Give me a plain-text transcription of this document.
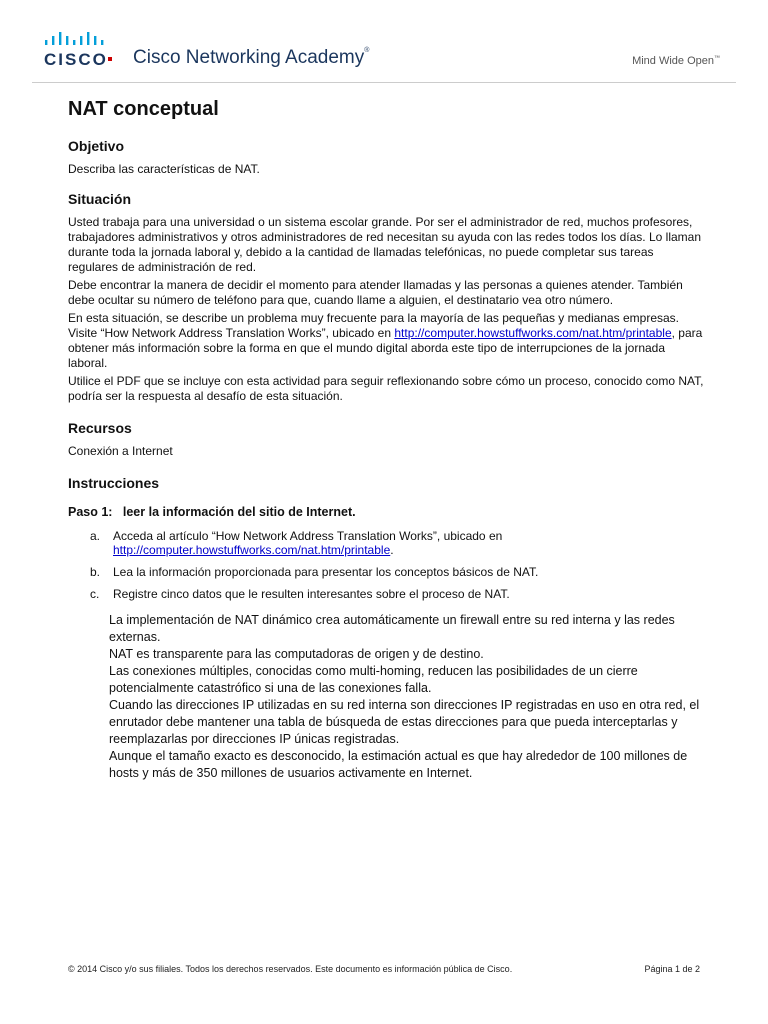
CISCO Cisco Networking Academy®
Mind Wide Open™
NAT conceptual
Objetivo

Describa las características de NAT.

Situación

Usted trabaja para una universidad o un sistema escolar grande. Por ser el administrador de red, muchos profesores, trabajadores administrativos y otros administradores de red necesitan su ayuda con las redes todos los días. Lo llaman durante toda la jornada laboral y, debido a la cantidad de llamadas telefónicas, no puede completar sus tareas regulares de administración de red.

Debe encontrar la manera de decidir el momento para atender llamadas y las personas a quienes atender. También debe ocultar su número de teléfono para que, cuando llame a alguien, el destinatario vea otro número.

En esta situación, se describe un problema muy frecuente para la mayoría de las pequeñas y medianas empresas. Visite “How Network Address Translation Works”, ubicado en http://computer.howstuffworks.com/nat.htm/printable, para obtener más información sobre la forma en que el mundo digital aborda este tipo de interrupciones de la jornada laboral.

Utilice el PDF que se incluye con esta actividad para seguir reflexionando sobre cómo un proceso, conocido como NAT, podría ser la respuesta al desafío de esta situación.

Recursos

Conexión a Internet

Instrucciones
Paso 1:   leer la información del sitio de Internet.
a. Acceda al artículo “How Network Address Translation Works”, ubicado en http://computer.howstuffworks.com/nat.htm/printable.
b. Lea la información proporcionada para presentar los conceptos básicos de NAT.
c. Registre cinco datos que le resulten interesantes sobre el proceso de NAT.

La implementación de NAT dinámico crea automáticamente un firewall entre su red interna y las redes externas.

NAT es transparente para las computadoras de origen y de destino.

Las conexiones múltiples, conocidas como multi-homing, reducen las posibilidades de un cierre potencialmente catastrófico si una de las conexiones falla.

Cuando las direcciones IP utilizadas en su red interna son direcciones IP registradas en uso en otra red, el enrutador debe mantener una tabla de búsqueda de estas direcciones para que pueda interceptarlas y reemplazarlas por direcciones IP únicas registradas.

Aunque el tamaño exacto es desconocido, la estimación actual es que hay alrededor de 100 millones de hosts y más de 350 millones de usuarios activamente en Internet.

© 2014 Cisco y/o sus filiales. Todos los derechos reservados. Este documento es información pública de Cisco.	Página 1 de 2
